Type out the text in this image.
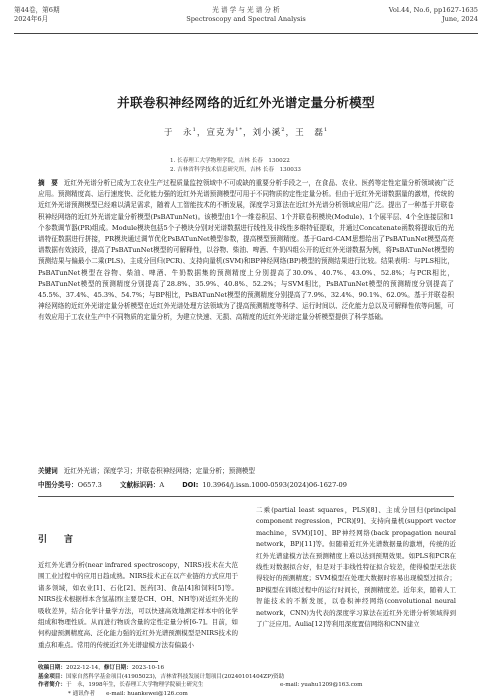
第44卷，第6期
2024年6月
光 谱 学 与 光 谱 分 析
Spectroscopy and Spectral Analysis
Vol.44, No.6, pp1627-1635
June, 2024
并联卷积神经网络的近红外光谱定量分析模型
于　永$^1$，宣克为$^{1*}$，刘小溪$^2$，王　磊$^1$
1. 长春理工大学物理学院，吉林 长春　130022
2. 吉林省科学技术信息研究所，吉林 长春　130033
摘　要 近红外光谱分析已成为工农业生产过程质量监控领域中不可或缺的重要分析手段之一，在食品、农业、医药等定性定量分析领域被广泛应用。预测精度高、运行速度快、泛化能力强的近红外光谱预测模型可用于不同物质的定性定量分析。但由于近红外光谱数据量的激增，传统的近红外光谱预测模型已经难以满足需求，随着人工智能技术的不断发展，深度学习算法在近红外光谱分析领域应用广泛。提出了一种基于并联卷积神经网络的近红外光谱定量分析模型(PsBATunNet)。该模型由1个一维卷积层、1个并联卷积模块(Module)、1个展平层、4个全连接层和1个参数调节器(PR)组成。Module模块包括5个子模块分别对光谱数据进行线性及非线性多维特征提取，并通过Concatenate函数将提取后的光谱特征数据进行拼接，PR模块通过调节优化PsBATunNet模型参数，提高模型预测精度。基于Gard-CAM思想给出了PsBATunNet模型高亮谱数据有效波段，提高了PsBATunNet模型的可解释性，以谷物、柴油、啤酒、牛奶四组公开的近红外光谱数据为例，将PsBATunNet模型的预测结果与偏最小二乘(PLS)、主成分回归(PCR)、支持向量机(SVM)和BP神经网络(BP)模型的预测结果进行比较。结果表明：与PLS相比，PsBATunNet模型在谷物、柴油、啤酒、牛奶数据集的预测精度上分别提高了30.0%、40.7%、43.0%、52.8%；与PCR相比，PsBATunNet模型的预测精度分别提高了28.8%、35.9%、40.8%、52.2%；与SVM相比，PsBATunNet模型的预测精度分别提高了45.5%、37.4%、45.3%、54.7%；与BP相比，PsBATunNet模型的预测精度分别提高了7.9%、32.4%、90.1%、62.0%。基于并联卷积神经网络的近红外光谱定量分析模型在近红外光谱处理方法领域为了提高预测精度等科学、运行时间以、泛化能力总以及可解释性依等问题，可有效应用于工农业生产中不同物质的定量分析，为建立快速、无损、高精度的近红外光谱定量分析模型提供了科学基础。
关键词 近红外光谱；深度学习；并联卷积神经网络；定量分析；预测模型
中图分类号：O657.3	文献标识码：A	DOI: 10.3964/j.issn.1000-0593(2024)06-1627-09
引　言
近红外光谱分析(near infrared spectroscopy，NIRS)技术在大范围工业过程中的应用日趋成熟。NIRS技术正在以产业链的方式应用于诸多领域，如农业[1]、石化[2]、医药[3]、食品[4]和饲料[5]等。NIRS技术根据样本含氢基团(主要是CH、OH、NH等)对近红外光的吸收差异，结合化学计量学方法，可以快速高效地测定样本中的化学组成和物理性质。从而进行物质含量的定性定量分析[6-7]。目前，如何构建预测精度高、泛化能力强的近红外光谱预测模型是NIRS技术的重点和难点。常用的传统近红外光谱建模方法有偏最小
二乘(partial least squares，PLS)[8]、主成分回归(principal component regression，PCR)[9]、支持向量机(support vector machine，SVM)[10]、BP神经网络(back propagation neural network，BP)[11]等。但随着近红外光谱数据量的激增，传统的近红外光谱建模方法在预测精度上难以达到预期效果。如PLS和PCR在线性对数据拟合好，但是对于非线性特征拟合较差，使得模型无法获得较好的预测精度；SVM模型在处理大数据时容易出现模型过拟合；BP模型在训练过程中的运行时间长，预测精度差。近年来，随着人工智能技术的不断发展，以卷积神经网络(convolutional neural network，CNN)为代表的深度学习算法在近红外光谱分析领域得到了广泛应用。Aulia[12]等利用深度置信网络和CNN建立
收稿日期：2022-12-14，修订日期：2023-10-16
基金项目：国家自然科学基金项目(41905023)，吉林省科技发展计划项目(20240101404ZP)资助
作者简介：于　永，1998年生，长春理工大学物理学院硕士研究生	e-mail: yuahu1209@163.com
* 通讯作者　　 e-mail: huankewei@126.com
